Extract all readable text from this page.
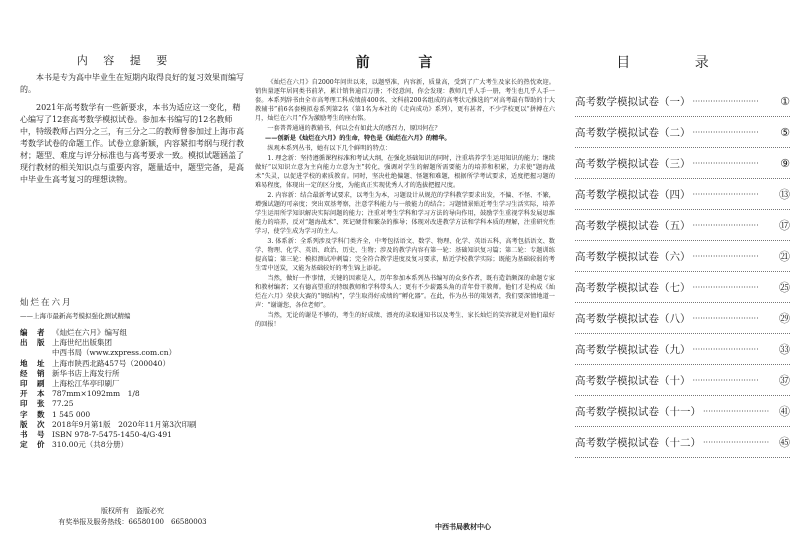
内 容 提 要

本书是专为高中毕业生在短期内取得良好的复习效果而编写的。

2021年高考数学有一些新要求，本书为适应这一变化，精心编写了12套高考数学模拟试卷。参加本书编写的12名教师中，特级教师占四分之三，有三分之二的教师曾参加过上海市高考数学试卷的命题工作。试卷立意新颖，内容紧扣考纲与现行教材；题型、难度与评分标准也与高考要求一致。模拟试题涵盖了现行教材的相关知识点与重要内容，题量适中，题型完备，是高中毕业生高考复习的理想读物。

灿烂在六月
——上海市最新高考模拟强化测试精编
编　者 《灿烂在六月》编写组
出　版 上海世纪出版集团
中西书局（www.zxpress.com.cn）
地　址 上海市陕西北路457号（200040）
经　销 新华书店上海发行所
印　刷 上海松江华亭印刷厂
开　本 787mm×1092mm　1/8
印　张 77.25
字　数 1 545 000
版　次 2018年9月第1版　2020年11月第3次印刷
书　号 ISBN 978-7-5475-1450-4/G·491
定　价 310.00元（共8分册）
版权所有　盗版必究
有奖举报及服务热线：66580100　66580003
前 言

《灿烂在六月》自2000年问世以来，以题型准，内容新，质量高，受到了广大考生及家长的热忱欢迎。销售量逐年居同类书前茅，累计销售逾百万册；不经意间，你会发现：教师几乎人手一册，考生也几乎人手一套。本系列辞书由全市高考理工科成绩前400名、文科前200名组成的高考状元推选的“对高考最有帮助的十大教辅书”前6名套模拟卷系列第2名（第1名为本社的《走向成功》系列），更有甚者，不少学校更以“拼搏在六月，灿烂在六月”作为激励考生的座右铭。

一套普普通通的教辅书，何以会有如此大的感召力，原因何在？

——创新是《灿烂在六月》的生命，特色是《灿烂在六月》的精华。

纵观本系列丛书，她有以下几个鲜明的特点：

1. 理念新：坚持遵循课程标准和考试大纲，在强化基础知识的同时，注重培养学生运用知识的能力；继续做好“以知识立意为主向能力立意为主”转化，强调对学生的解题所需要能力的培养和积累，力求使“题海战术”失灵，以促进学校的素质教育。同时，坚决杜绝偏题、怪题和难题，根据所学考试要求，适度把握习题的难易程度，体现出一定的区分度，为能真正实现优秀人才的选拔把握尺度。

2. 内容新：结合最新考试要求，以考生为本，习题设计从规范的学科教学要求出发，不偏、不怪、不繁，增强试题的可亲度；突出双基考察，注意学科能力与一般能力的结合；习题情景贴近考生学习生活实际，培养学生运用所学知识解决实际问题的能力；注重对考生学科和学习方法的导向作用，鼓励学生重视学科发展思维能力的培养，反对“题海战术”、死记硬背和繁杂的推导；体现对改进教学方法和学科本质的理解，注重研究性学习，使学生成为学习的主人。

3. 体系新：全系列涉及学科门类齐全，中考包括语文、数学、物理、化学、英语五科，高考包括语文、数学、物理、化学、英语、政治、历史、生物；涉及的教学内容有第一轮：基础知识复习篇；第二轮：专题训练提高篇；第三轮：模拟测试冲刺篇；完全符合教学进度及复习要求，贴近学校教学实际；既能为基础较弱的考生雪中送炭，又能为基础较好的考生锦上添花。

当然，做好一件事情，关键的因素是人，历年参加本系列丛书编写的众多作者，既有造诣颇深的命题专家和教材编者；又有德高望重的特级教师和学科带头人；更有不少崭露头角的青年骨干教师。他们才是构成《灿烂在六月》荣获大赛的“钢结构”，学生取得好成绩的“孵化器”。在此，作为丛书的策划者，我们要深情地道一声：“谢谢您，各位老师”。

当然，无论的谢是不够的，考生的好成绩、漂亮的录取通知书以及考生、家长灿烂的笑容就是对他们最好的回报！

中西书局教材中心
目 录
高考数学模拟试卷（一） ··························	①
高考数学模拟试卷（二） ··························	⑤
高考数学模拟试卷（三） ··························	⑨
高考数学模拟试卷（四） ··························	⑬
高考数学模拟试卷（五） ··························	⑰
高考数学模拟试卷（六） ··························	㉑
高考数学模拟试卷（七） ··························	㉕
高考数学模拟试卷（八） ··························	㉙
高考数学模拟试卷（九） ··························	㉝
高考数学模拟试卷（十） ··························	㊲
高考数学模拟试卷（十一） ·························· ㊶
高考数学模拟试卷（十二） ·························· ㊺
